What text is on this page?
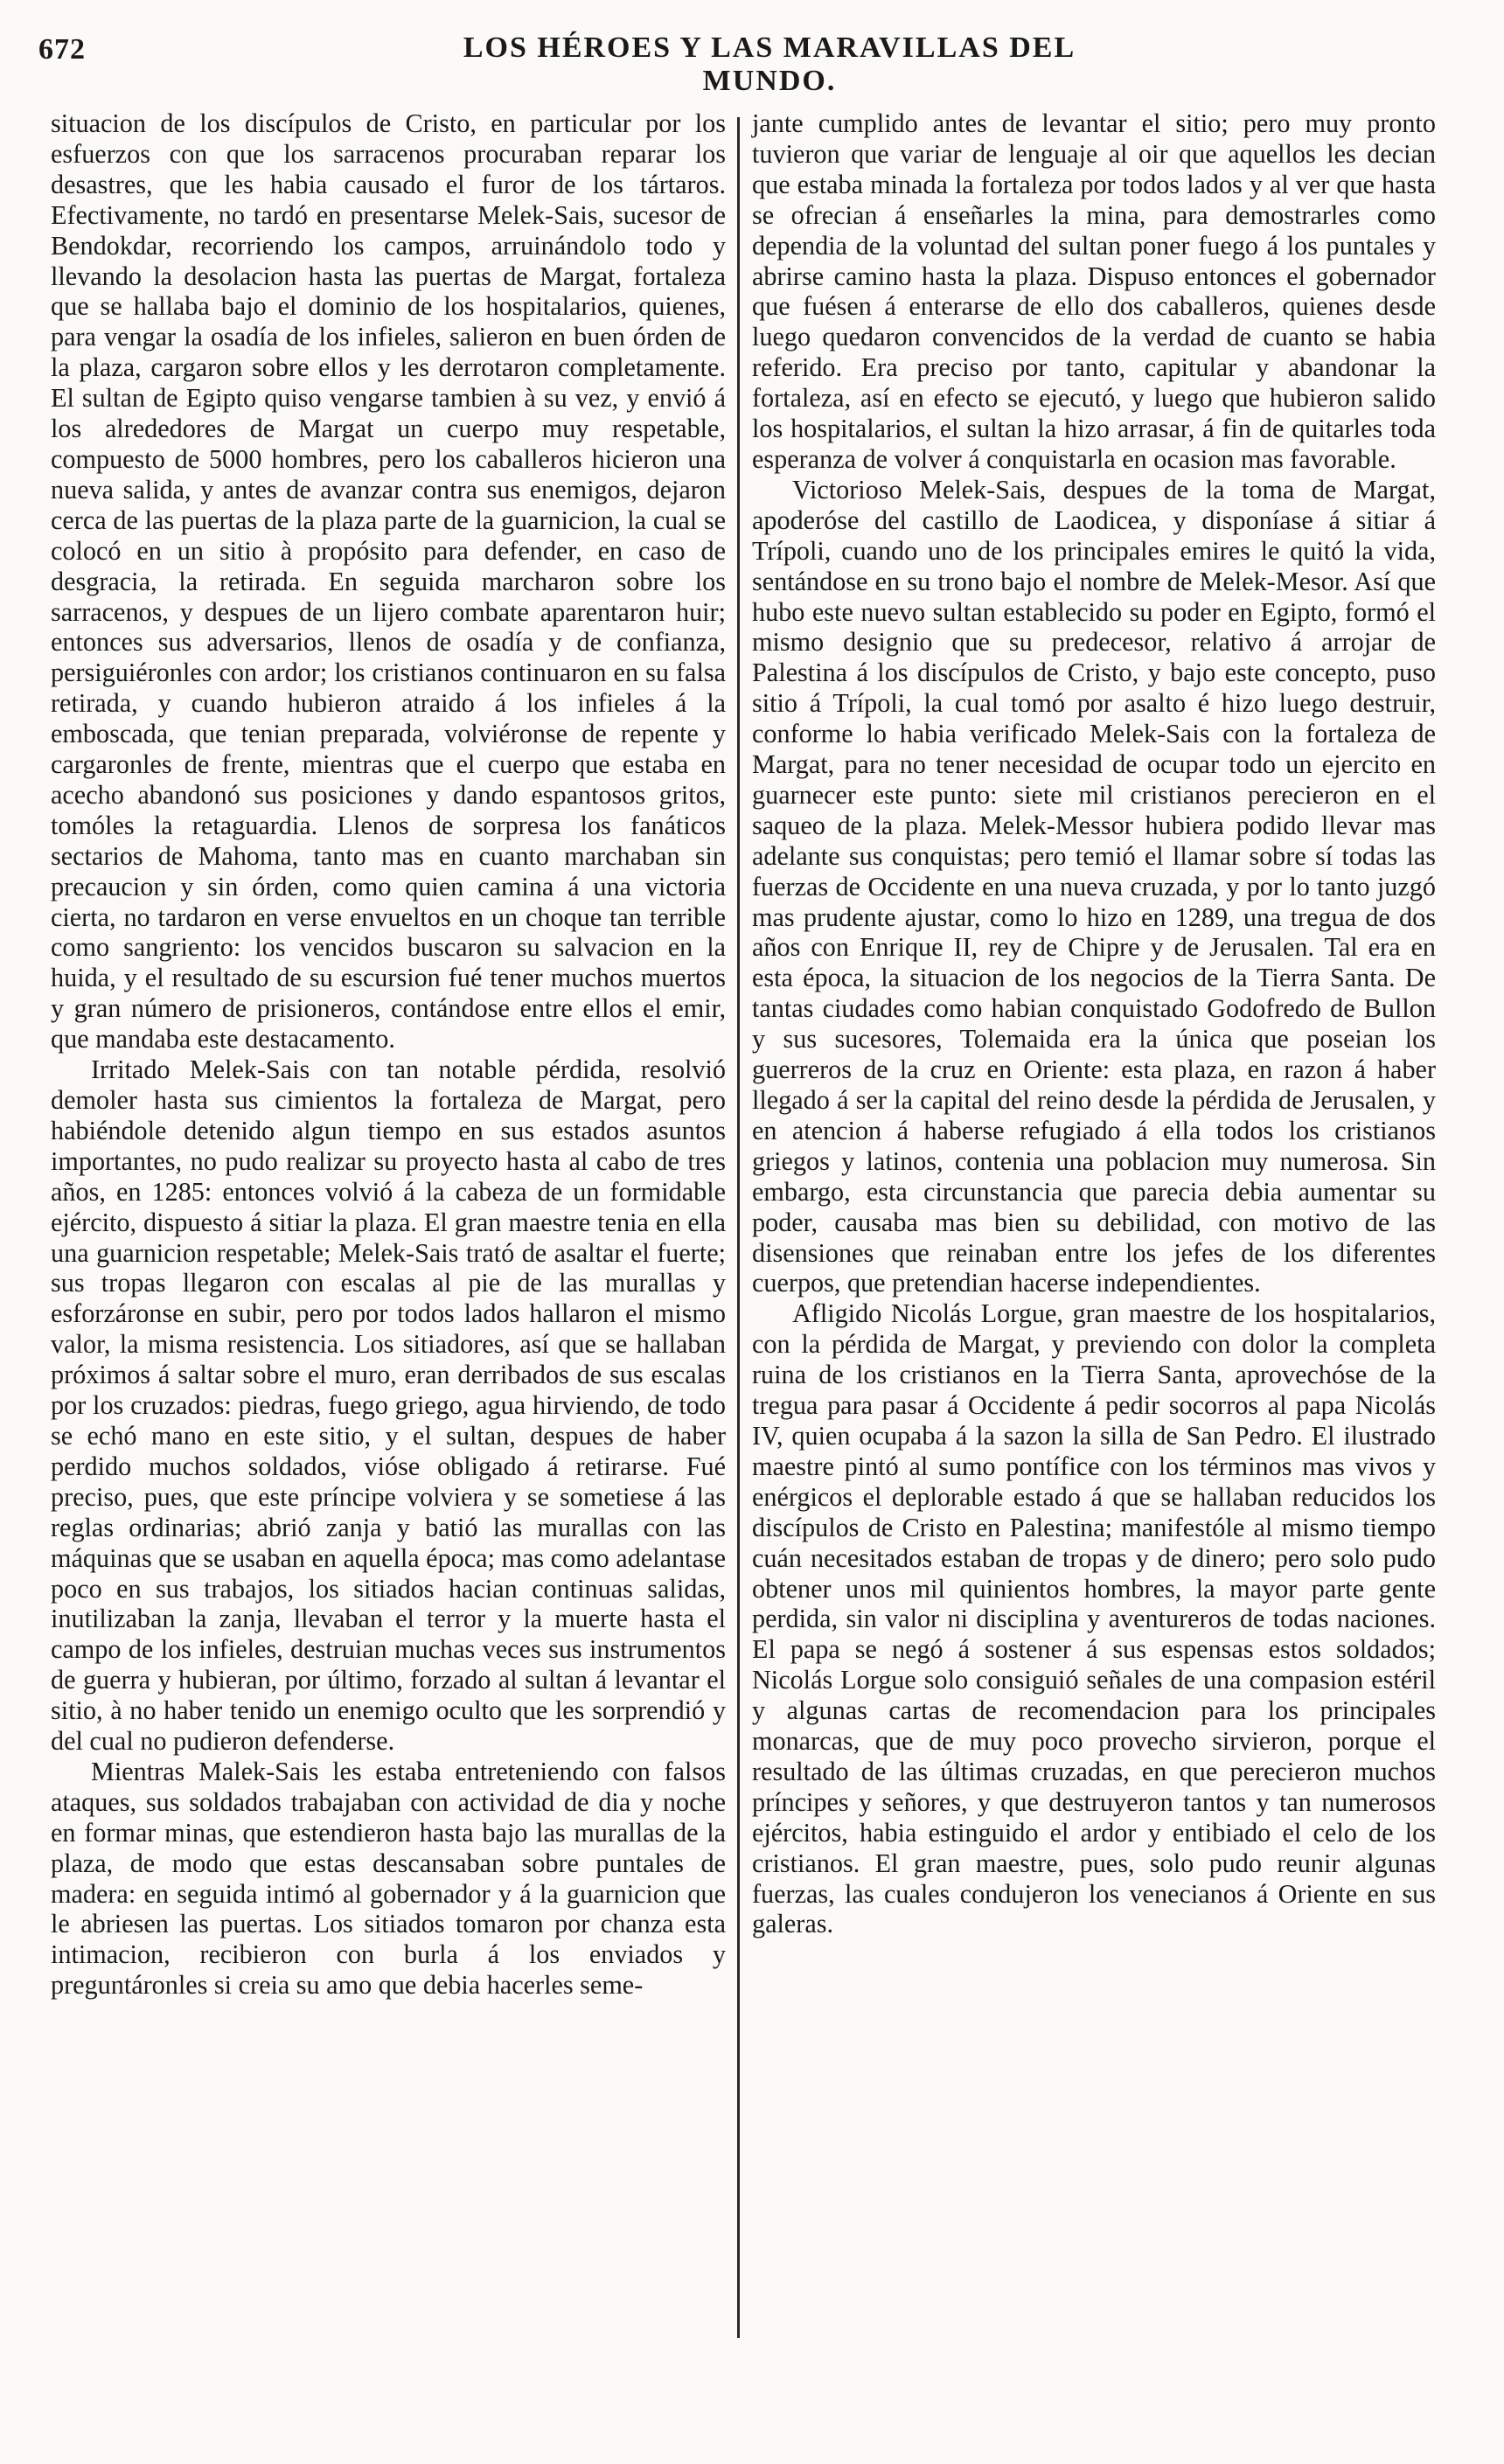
672	LOS HÉROES Y LAS MARAVILLAS DEL MUNDO.

situacion de los discípulos de Cristo, en particular por los esfuerzos con que los sarracenos procuraban reparar los desastres, que les habia causado el furor de los tártaros. Efectivamente, no tardó en presentarse Melek-Sais, sucesor de Bendokdar, recorriendo los campos, arruinándolo todo y llevando la desolacion hasta las puertas de Margat, fortaleza que se hallaba bajo el dominio de los hospitalarios, quienes, para vengar la osadía de los infieles, salieron en buen órden de la plaza, cargaron sobre ellos y les derrotaron completamente. El sultan de Egipto quiso vengarse tambien à su vez, y envió á los alrededores de Margat un cuerpo muy respetable, compuesto de 5000 hombres, pero los caballeros hicieron una nueva salida, y antes de avanzar contra sus enemigos, dejaron cerca de las puertas de la plaza parte de la guarnicion, la cual se colocó en un sitio à propósito para defender, en caso de desgracia, la retirada. En seguida marcharon sobre los sarracenos, y despues de un lijero combate aparentaron huir; entonces sus adversarios, llenos de osadía y de confianza, persiguiéronles con ardor; los cristianos continuaron en su falsa retirada, y cuando hubieron atraido á los infieles á la emboscada, que tenian preparada, volviéronse de repente y cargaronles de frente, mientras que el cuerpo que estaba en acecho abandonó sus posiciones y dando espantosos gritos, tomóles la retaguardia. Llenos de sorpresa los fanáticos sectarios de Mahoma, tanto mas en cuanto marchaban sin precaucion y sin órden, como quien camina á una victoria cierta, no tardaron en verse envueltos en un choque tan terrible como sangriento: los vencidos buscaron su salvacion en la huida, y el resultado de su escursion fué tener muchos muertos y gran número de prisioneros, contándose entre ellos el emir, que mandaba este destacamento.

Irritado Melek-Sais con tan notable pérdida, resolvió demoler hasta sus cimientos la fortaleza de Margat, pero habiéndole detenido algun tiempo en sus estados asuntos importantes, no pudo realizar su proyecto hasta al cabo de tres años, en 1285: entonces volvió á la cabeza de un formidable ejército, dispuesto á sitiar la plaza. El gran maestre tenia en ella una guarnicion respetable; Melek-Sais trató de asaltar el fuerte; sus tropas llegaron con escalas al pie de las murallas y esforzáronse en subir, pero por todos lados hallaron el mismo valor, la misma resistencia. Los sitiadores, así que se hallaban próximos á saltar sobre el muro, eran derribados de sus escalas por los cruzados: piedras, fuego griego, agua hirviendo, de todo se echó mano en este sitio, y el sultan, despues de haber perdido muchos soldados, vióse obligado á retirarse. Fué preciso, pues, que este príncipe volviera y se sometiese á las reglas ordinarias; abrió zanja y batió las murallas con las máquinas que se usaban en aquella época; mas como adelantase poco en sus trabajos, los sitiados hacian continuas salidas, inutilizaban la zanja, llevaban el terror y la muerte hasta el campo de los infieles, destruian muchas veces sus instrumentos de guerra y hubieran, por último, forzado al sultan á levantar el sitio, à no haber tenido un enemigo oculto que les sorprendió y del cual no pudieron defenderse.

Mientras Malek-Sais les estaba entreteniendo con falsos ataques, sus soldados trabajaban con actividad de dia y noche en formar minas, que estendieron hasta bajo las murallas de la plaza, de modo que estas descansaban sobre puntales de madera: en seguida intimó al gobernador y á la guarnicion que le abriesen las puertas. Los sitiados tomaron por chanza esta intimacion, recibieron con burla á los enviados y preguntáronles si creia su amo que debia hacerles seme-

jante cumplido antes de levantar el sitio; pero muy pronto tuvieron que variar de lenguaje al oir que aquellos les decian que estaba minada la fortaleza por todos lados y al ver que hasta se ofrecian á enseñarles la mina, para demostrarles como dependia de la voluntad del sultan poner fuego á los puntales y abrirse camino hasta la plaza. Dispuso entonces el gobernador que fuésen á enterarse de ello dos caballeros, quienes desde luego quedaron convencidos de la verdad de cuanto se habia referido. Era preciso por tanto, capitular y abandonar la fortaleza, así en efecto se ejecutó, y luego que hubieron salido los hospitalarios, el sultan la hizo arrasar, á fin de quitarles toda esperanza de volver á conquistarla en ocasion mas favorable.

Victorioso Melek-Sais, despues de la toma de Margat, apoderóse del castillo de Laodicea, y disponíase á sitiar á Trípoli, cuando uno de los principales emires le quitó la vida, sentándose en su trono bajo el nombre de Melek-Mesor. Así que hubo este nuevo sultan establecido su poder en Egipto, formó el mismo designio que su predecesor, relativo á arrojar de Palestina á los discípulos de Cristo, y bajo este concepto, puso sitio á Trípoli, la cual tomó por asalto é hizo luego destruir, conforme lo habia verificado Melek-Sais con la fortaleza de Margat, para no tener necesidad de ocupar todo un ejercito en guarnecer este punto: siete mil cristianos perecieron en el saqueo de la plaza. Melek-Messor hubiera podido llevar mas adelante sus conquistas; pero temió el llamar sobre sí todas las fuerzas de Occidente en una nueva cruzada, y por lo tanto juzgó mas prudente ajustar, como lo hizo en 1289, una tregua de dos años con Enrique II, rey de Chipre y de Jerusalen. Tal era en esta época, la situacion de los negocios de la Tierra Santa. De tantas ciudades como habian conquistado Godofredo de Bullon y sus sucesores, Tolemaida era la única que poseian los guerreros de la cruz en Oriente: esta plaza, en razon á haber llegado á ser la capital del reino desde la pérdida de Jerusalen, y en atencion á haberse refugiado á ella todos los cristianos griegos y latinos, contenia una poblacion muy numerosa. Sin embargo, esta circunstancia que parecia debia aumentar su poder, causaba mas bien su debilidad, con motivo de las disensiones que reinaban entre los jefes de los diferentes cuerpos, que pretendian hacerse independientes.

Afligido Nicolás Lorgue, gran maestre de los hospitalarios, con la pérdida de Margat, y previendo con dolor la completa ruina de los cristianos en la Tierra Santa, aprovechóse de la tregua para pasar á Occidente á pedir socorros al papa Nicolás IV, quien ocupaba á la sazon la silla de San Pedro. El ilustrado maestre pintó al sumo pontífice con los términos mas vivos y enérgicos el deplorable estado á que se hallaban reducidos los discípulos de Cristo en Palestina; manifestóle al mismo tiempo cuán necesitados estaban de tropas y de dinero; pero solo pudo obtener unos mil quinientos hombres, la mayor parte gente perdida, sin valor ni disciplina y aventureros de todas naciones. El papa se negó á sostener á sus espensas estos soldados; Nicolás Lorgue solo consiguió señales de una compasion estéril y algunas cartas de recomendacion para los principales monarcas, que de muy poco provecho sirvieron, porque el resultado de las últimas cruzadas, en que perecieron muchos príncipes y señores, y que destruyeron tantos y tan numerosos ejércitos, habia estinguido el ardor y entibiado el celo de los cristianos. El gran maestre, pues, solo pudo reunir algunas fuerzas, las cuales condujeron los venecianos á Oriente en sus galeras.
